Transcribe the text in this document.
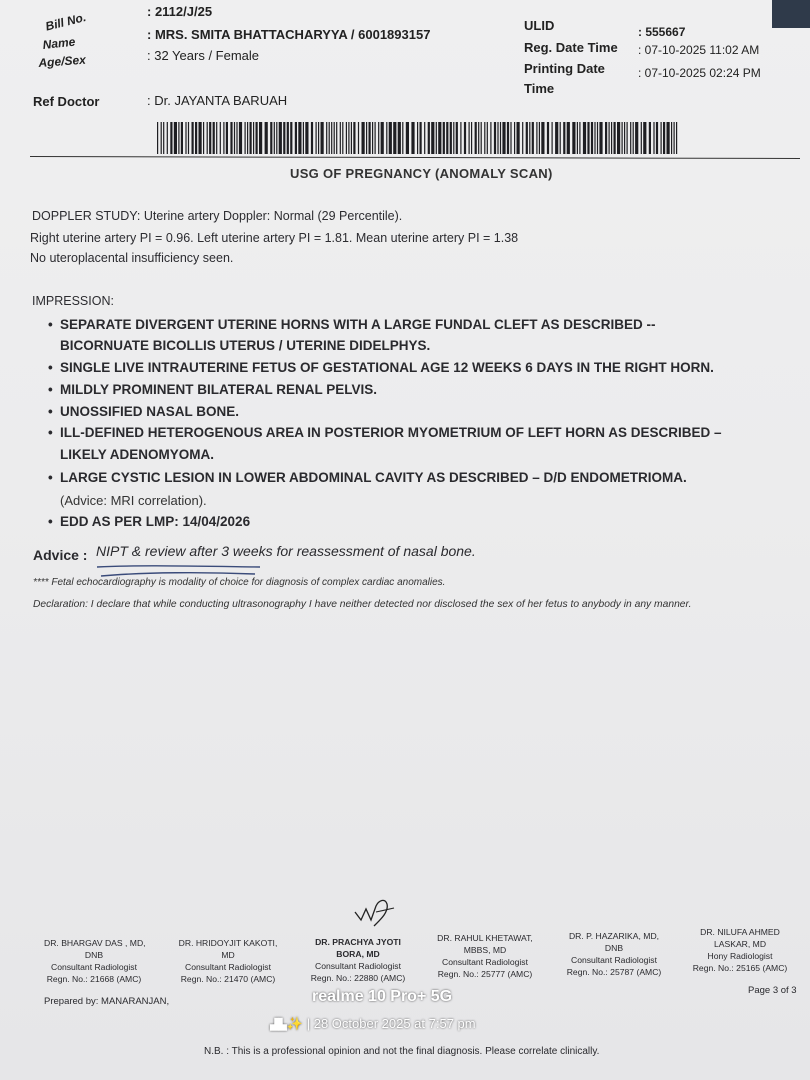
Bill No.
Name
Age/Sex
: 2112/J/25
: MRS. SMITA BHATTACHARYYA / 6001893157
: 32 Years / Female
ULID
Reg. Date Time
Printing Date
Time
: 555667
: 07-10-2025 11:02 AM
: 07-10-2025 02:24 PM
Ref Doctor	: Dr. JAYANTA BARUAH
USG OF PREGNANCY (ANOMALY SCAN)
DOPPLER STUDY: Uterine artery Doppler: Normal (29 Percentile).
Right uterine artery PI = 0.96. Left uterine artery PI = 1.81. Mean uterine artery PI = 1.38
No uteroplacental insufficiency seen.
IMPRESSION:
• SEPARATE DIVERGENT UTERINE HORNS WITH A LARGE FUNDAL CLEFT AS DESCRIBED --
BICORNUATE BICOLLIS UTERUS / UTERINE DIDELPHYS.
• SINGLE LIVE INTRAUTERINE FETUS OF GESTATIONAL AGE 12 WEEKS 6 DAYS IN THE RIGHT HORN.
• MILDLY PROMINENT BILATERAL RENAL PELVIS.
• UNOSSIFIED NASAL BONE.
• ILL-DEFINED HETEROGENOUS AREA IN POSTERIOR MYOMETRIUM OF LEFT HORN AS DESCRIBED –
LIKELY ADENOMYOMA.
• LARGE CYSTIC LESION IN LOWER ABDOMINAL CAVITY AS DESCRIBED – D/D ENDOMETRIOMA.
(Advice: MRI correlation).
• EDD AS PER LMP: 14/04/2026
Advice : NIPT & review after 3 weeks for reassessment of nasal bone.
**** Fetal echocardiography is modality of choice for diagnosis of complex cardiac anomalies.
Declaration: I declare that while conducting ultrasonography I have neither detected nor disclosed the sex of her fetus to anybody in any manner.
DR. BHARGAV DAS , MD,
DNB
Consultant Radiologist
Regn. No.: 21668 (AMC)
DR. HRIDOYJIT KAKOTI,
MD
Consultant Radiologist
Regn. No.: 21470 (AMC)
DR. PRACHYA JYOTI
BORA, MD
Consultant Radiologist
Regn. No.: 22880 (AMC)
DR. RAHUL KHETAWAT,
MBBS, MD
Consultant Radiologist
Regn. No.: 25777 (AMC)
DR. P. HAZARIKA, MD,
DNB
Consultant Radiologist
Regn. No.: 25787 (AMC)
DR. NILUFA AHMED
LASKAR, MD
Hony Radiologist
Regn. No.: 25165 (AMC)
Prepared by: MANARANJAN,
Page 3 of 3
N.B. : This is a professional opinion and not the final diagnosis. Please correlate clinically.
realme 10 Pro+ 5G
▟▙✨ | 28 October 2025 at 7:57 pm
